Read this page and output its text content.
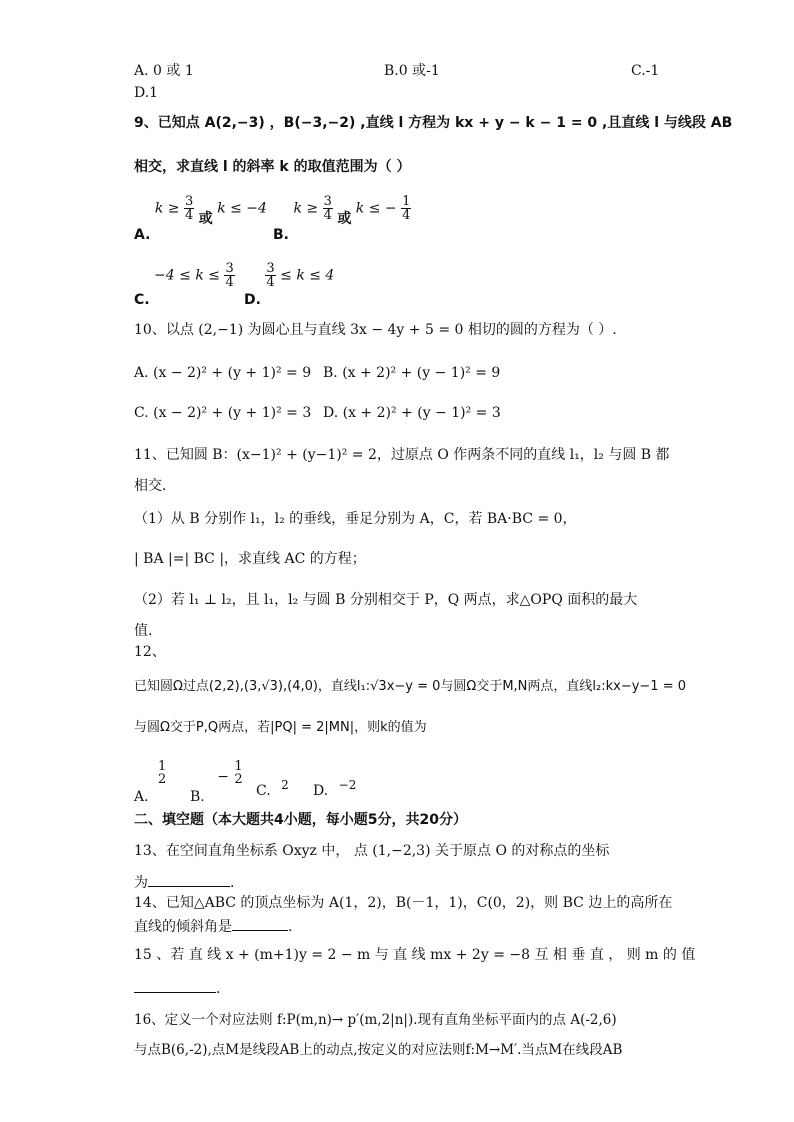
A. 0 或 1	B.0 或-1	C.-1
D.1
9、已知点 A(2,−3) ，B(−3,−2) ,直线 l 方程为 kx + y − k − 1 = 0 ,且直线 l 与线段 AB
相交，求直线 l 的斜率 k 的取值范围为（ ）
A. $k \ge \frac{3}{4}$ 或 k ≤ −4
B. $k \ge \frac{3}{4}$ 或 k ≤ − $\frac{1}{4}$
C. $-4 \le k \le \frac{3}{4}$
D.
$\frac{3}{4} \le k \le 4$
10、以点 (2,−1) 为圆心且与直线 3x − 4y + 5 = 0 相切的圆的方程为（ ）.
A. (x − 2)² + (y + 1)² = 9 B. (x + 2)² + (y − 1)² = 9
C. (x − 2)² + (y + 1)² = 3 D. (x + 2)² + (y − 1)² = 3
11、已知圆 B：(x−1)² + (y−1)² = 2，过原点 O 作两条不同的直线 l₁，l₂ 与圆 B 都
相交．
（1）从 B 分别作 l₁，l₂ 的垂线，垂足分别为 A，C，若 BA·BC = 0，
| BA |=| BC |，求直线 AC 的方程；
（2）若 l₁ ⊥ l₂，且 l₁，l₂ 与圆 B 分别相交于 P，Q 两点，求△OPQ 面积的最大
值．
12、
已知圆Ω过点(2,2),(3,√3),(4,0)，直线l₁:√3x−y = 0与圆Ω交于M,N两点，直线l₂:kx−y−1 = 0
与圆Ω交于P,Q两点，若|PQ| = 2|MN|，则k的值为
A.
1
2
B. −
1
2
C. 2 D. −2
二、填空题（本大题共4小题，每小题5分，共20分）
13、在空间直角坐标系 Oxyz 中， 点 (1,−2,3) 关于原点 O 的对称点的坐标
为	.
14、已知△ABC 的顶点坐标为 A(1，2)，B(－1，1)，C(0，2)，则 BC 边上的高所在
直线的倾斜角是	.
15 、若 直 线 x + (m+1)y = 2 − m 与 直 线 mx + 2y = −8 互 相 垂 直 ， 则 m 的 值
.
16、定义一个对应法则 f:P(m,n)→ p′(m,2|n|).现有直角坐标平面内的点 A(-2,6)
与点B(6,-2),点M是线段AB上的动点,按定义的对应法则f:M→M′.当点M在线段AB
